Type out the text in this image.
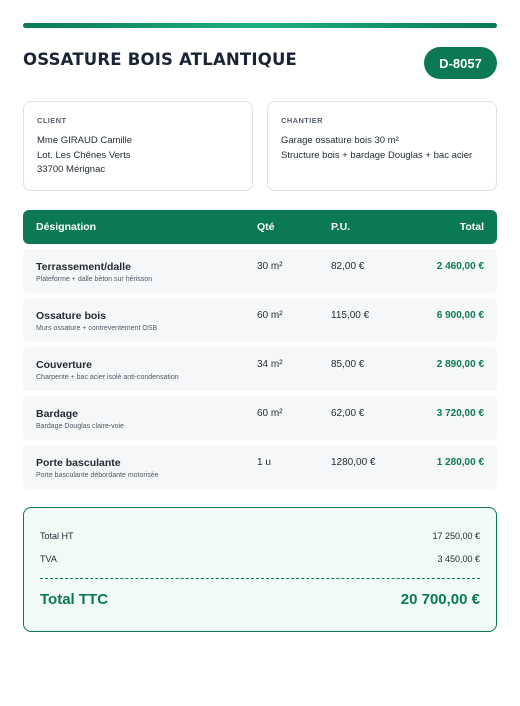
OSSATURE BOIS ATLANTIQUE	D-8057
CLIENT
Mme GIRAUD Camille
Lot. Les Chênes Verts
33700 Mérignac
CHANTIER
Garage ossature bois 30 m²
Structure bois + bardage Douglas + bac acier
Désignation	Qté	P.U.	Total
Terrassement/dalle
Plateforme + dalle béton sur hérisson
30 m²	82,00 €	2 460,00 €
Ossature bois
Murs ossature + contreventement OSB
60 m²	115,00 €	6 900,00 €
Couverture
Charpente + bac acier isolé anti-condensation
34 m²	85,00 €	2 890,00 €
Bardage
Bardage Douglas claire-voie
60 m²	62,00 €	3 720,00 €
Porte basculante
Porte basculante débordante motorisée
1 u	1280,00 €	1 280,00 €
Total HT	17 250,00 €
TVA	3 450,00 €
Total TTC	20 700,00 €
